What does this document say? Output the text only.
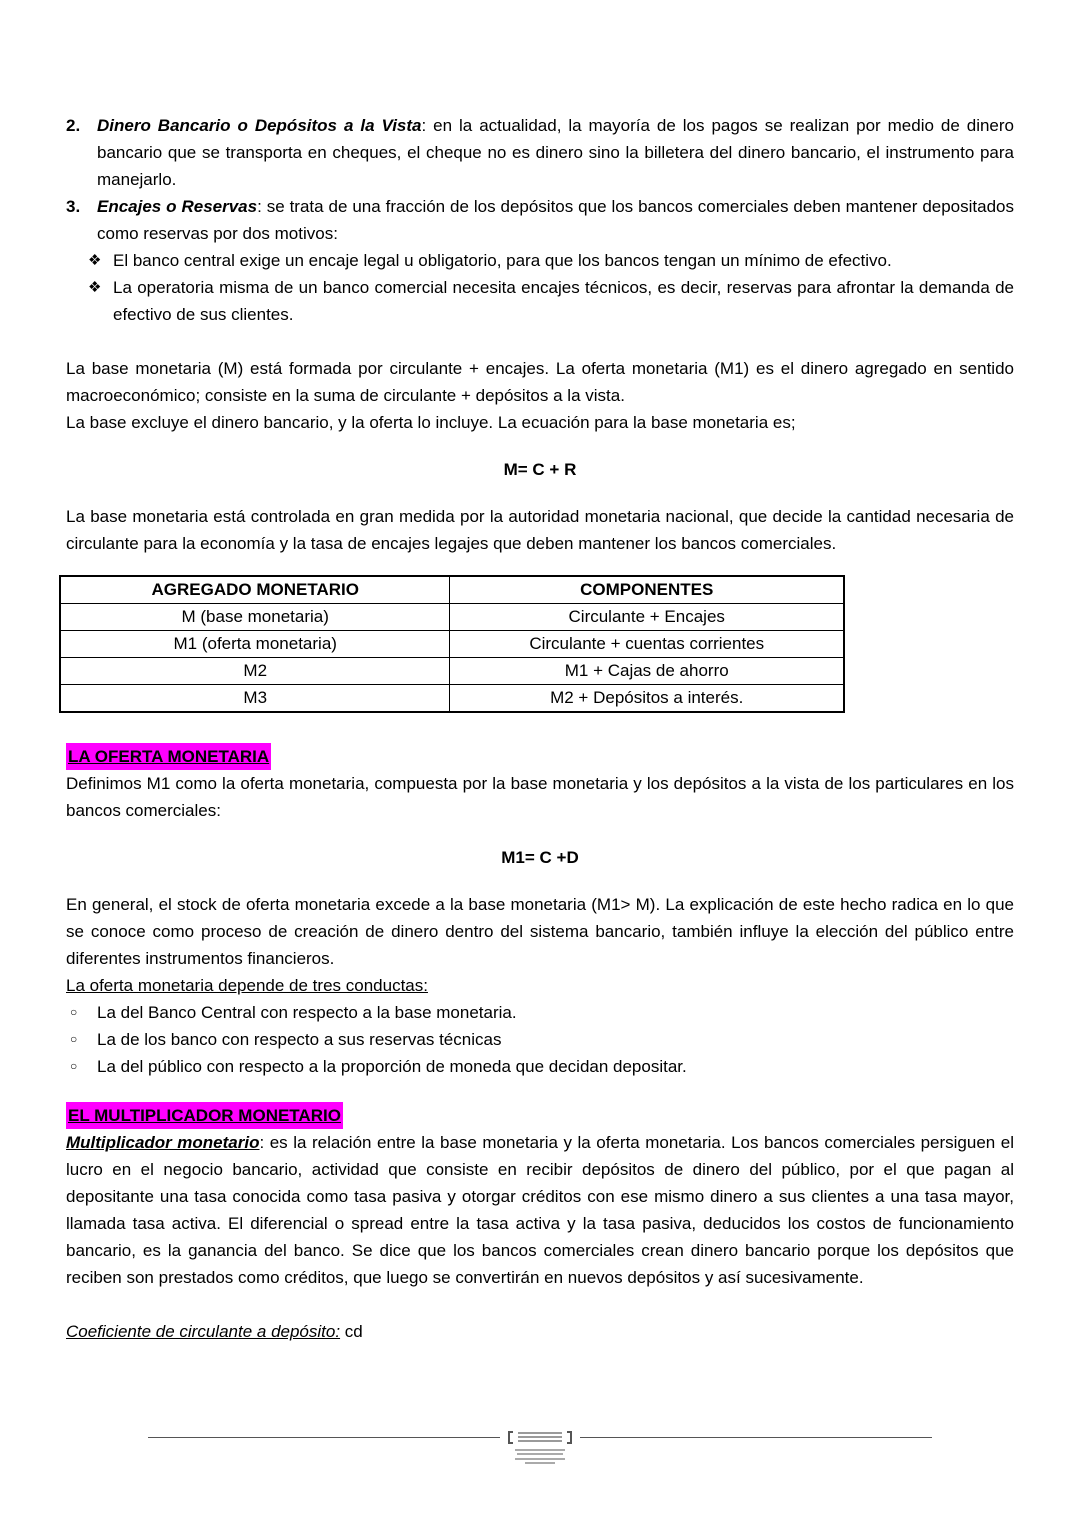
2. Dinero Bancario o Depósitos a la Vista: en la actualidad, la mayoría de los pagos se realizan por medio de dinero bancario que se transporta en cheques, el cheque no es dinero sino la billetera del dinero bancario, el instrumento para manejarlo.

3. Encajes o Reservas: se trata de una fracción de los depósitos que los bancos comerciales deben mantener depositados como reservas por dos motivos:

❖ El banco central exige un encaje legal u obligatorio, para que los bancos tengan un mínimo de efectivo.

❖ La operatoria misma de un banco comercial necesita encajes técnicos, es decir, reservas para afrontar la demanda de efectivo de sus clientes.

La base monetaria (M) está formada por circulante + encajes. La oferta monetaria (M1) es el dinero agregado en sentido macroeconómico; consiste en la suma de circulante + depósitos a la vista.

La base excluye el dinero bancario, y la oferta lo incluye. La ecuación para la base monetaria es;

M= C + R

La base monetaria está controlada en gran medida por la autoridad monetaria nacional, que decide la cantidad necesaria de circulante para la economía y la tasa de encajes legajes que deben mantener los bancos comerciales.

AGREGADO MONETARIO	COMPONENTES
M (base monetaria)	Circulante + Encajes
M1 (oferta monetaria)	Circulante + cuentas corrientes
M2	M1 + Cajas de ahorro
M3	M2 + Depósitos a interés.

LA OFERTA MONETARIA

Definimos M1 como la oferta monetaria, compuesta por la base monetaria y los depósitos a la vista de los particulares en los bancos comerciales:

M1= C +D

En general, el stock de oferta monetaria excede a la base monetaria (M1> M). La explicación de este hecho radica en lo que se conoce como proceso de creación de dinero dentro del sistema bancario, también influye la elección del público entre diferentes instrumentos financieros.

La oferta monetaria depende de tres conductas:

○	La del Banco Central con respecto a la base monetaria.

○	La de los banco con respecto a sus reservas técnicas

○	La del público con respecto a la proporción de moneda que decidan depositar.

EL MULTIPLICADOR MONETARIO

Multiplicador monetario: es la relación entre la base monetaria y la oferta monetaria. Los bancos comerciales persiguen el lucro en el negocio bancario, actividad que consiste en recibir depósitos de dinero del público, por el que pagan al depositante una tasa conocida como tasa pasiva y otorgar créditos con ese mismo dinero a sus clientes a una tasa mayor, llamada tasa activa. El diferencial o spread entre la tasa activa y la tasa pasiva, deducidos los costos de funcionamiento bancario, es la ganancia del banco. Se dice que los bancos comerciales crean dinero bancario porque los depósitos que reciben son prestados como créditos, que luego se convertirán en nuevos depósitos y así sucesivamente.

Coeficiente de circulante a depósito: cd
